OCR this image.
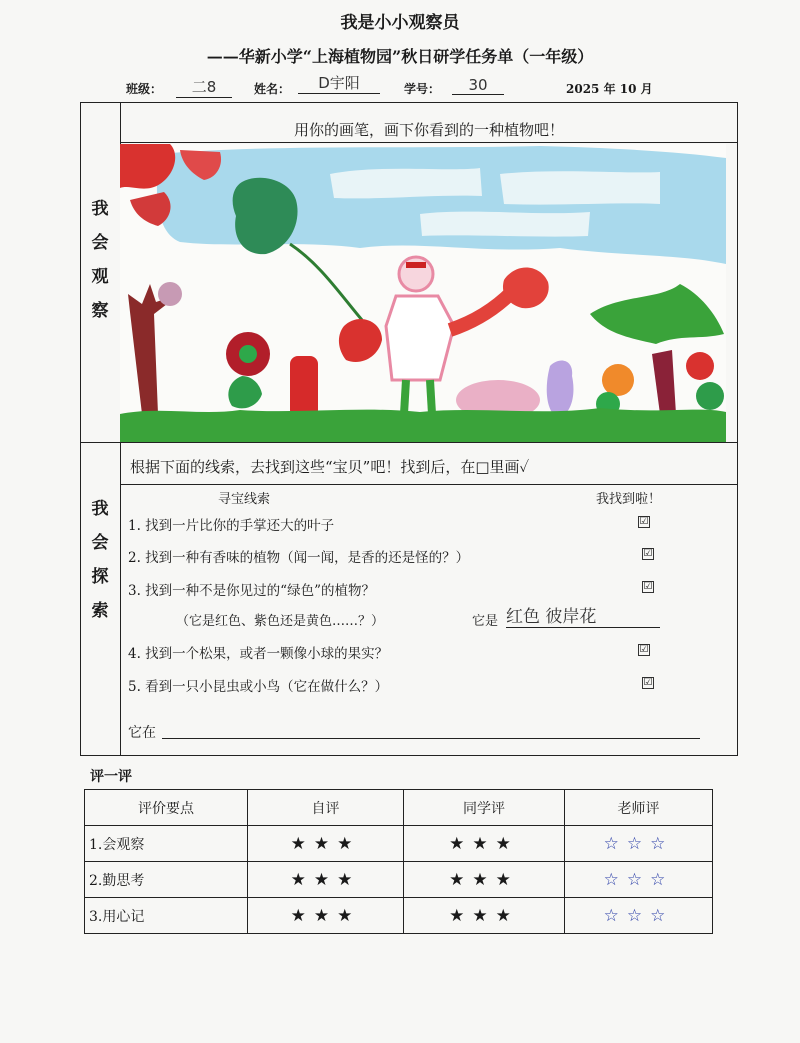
我是小小观察员
——华新小学“上海植物园”秋日研学任务单（一年级）
班级：	二8	姓名：	D宇阳	学号：	30	2025 年 10 月
我
会
观
察
用你的画笔，画下你看到的一种植物吧！
我
会
探
索
根据下面的线索，去找到这些“宝贝”吧！找到后，在□里画✓
寻宝线索	我找到啦！
1. 找到一片比你的手掌还大的叶子	☑
2. 找到一种有香味的植物（闻一闻，是香的还是怪的？）	☑
3. 找到一种不是你见过的“绿色”的植物？	☑
（它是红色、紫色还是黄色……？）	它是 红色 彼岸花
4. 找到一个松果，或者一颗像小球的果实？	☑
5. 看到一只小昆虫或小鸟（它在做什么？）	☑
它在
评一评
评价要点	自评	同学评	老师评
1.会观察	★★★	★★★	☆☆☆
2.勤思考	★★★	★★★	☆☆☆
3.用心记	★★★	★★★	☆☆☆
